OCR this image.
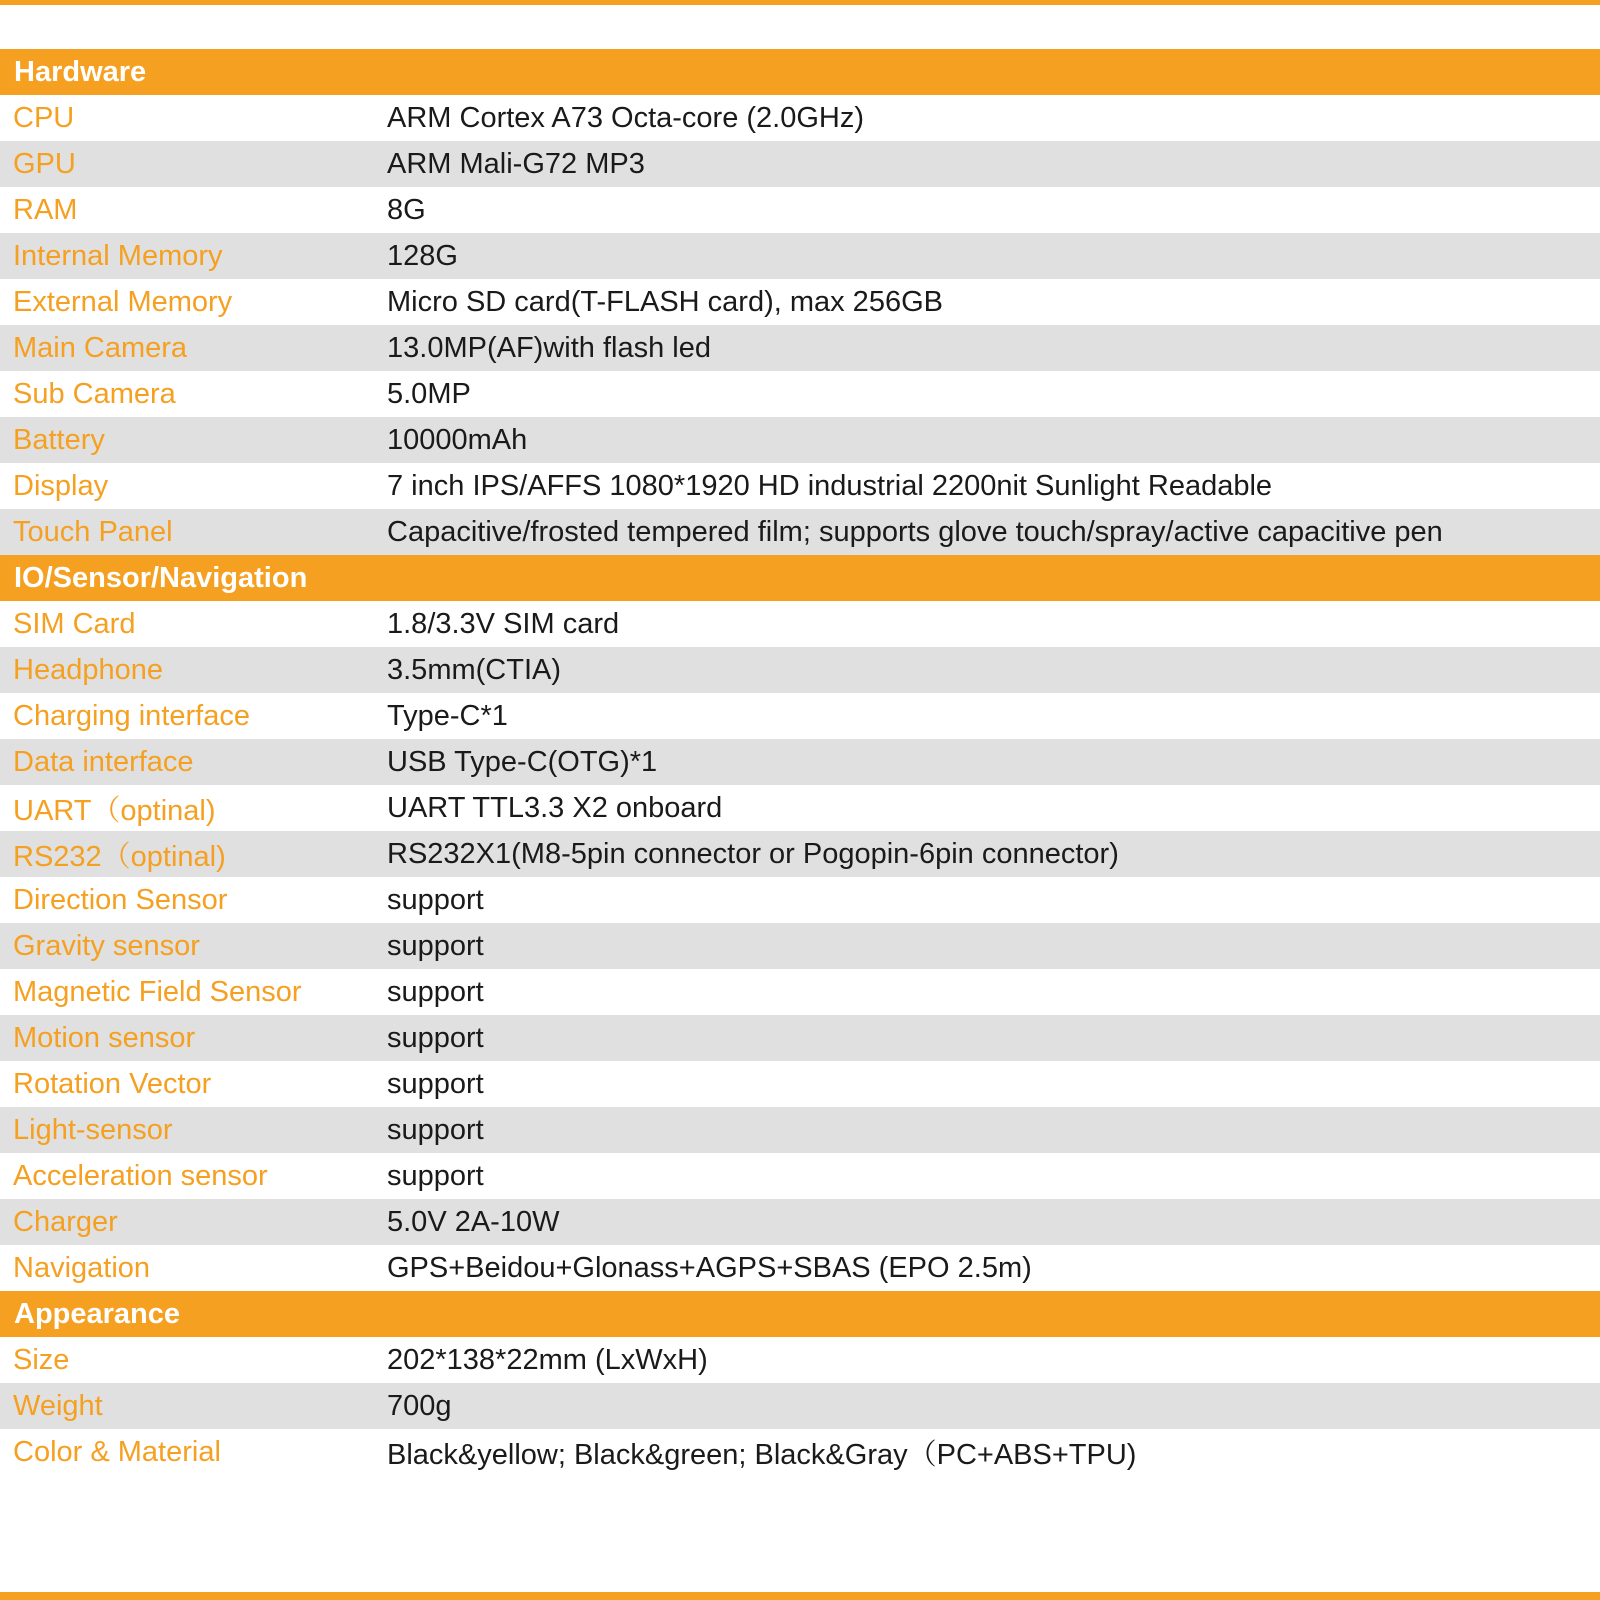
Hardware
CPU	ARM Cortex A73 Octa-core (2.0GHz)
GPU	ARM Mali-G72 MP3
RAM	8G
Internal Memory	128G
External Memory	Micro SD card(T-FLASH card), max 256GB
Main Camera	13.0MP(AF)with flash led
Sub Camera	5.0MP
Battery	10000mAh
Display	7 inch IPS/AFFS 1080*1920 HD industrial 2200nit Sunlight Readable
Touch Panel	Capacitive/frosted tempered film; supports glove touch/spray/active capacitive pen
IO/Sensor/Navigation
SIM Card	1.8/3.3V SIM card
Headphone	3.5mm(CTIA)
Charging interface	Type-C*1
Data interface	USB Type-C(OTG)*1
UART（optinal)	UART TTL3.3 X2 onboard
RS232（optinal)	RS232X1(M8-5pin connector or Pogopin-6pin connector)
Direction Sensor	support
Gravity sensor	support
Magnetic Field Sensor	support
Motion sensor	support
Rotation Vector	support
Light-sensor	support
Acceleration sensor	support
Charger	5.0V 2A-10W
Navigation	GPS+Beidou+Glonass+AGPS+SBAS (EPO 2.5m)
Appearance
Size	202*138*22mm (LxWxH)
Weight	700g
Color & Material	Black&yellow; Black&green; Black&Gray（PC+ABS+TPU)
